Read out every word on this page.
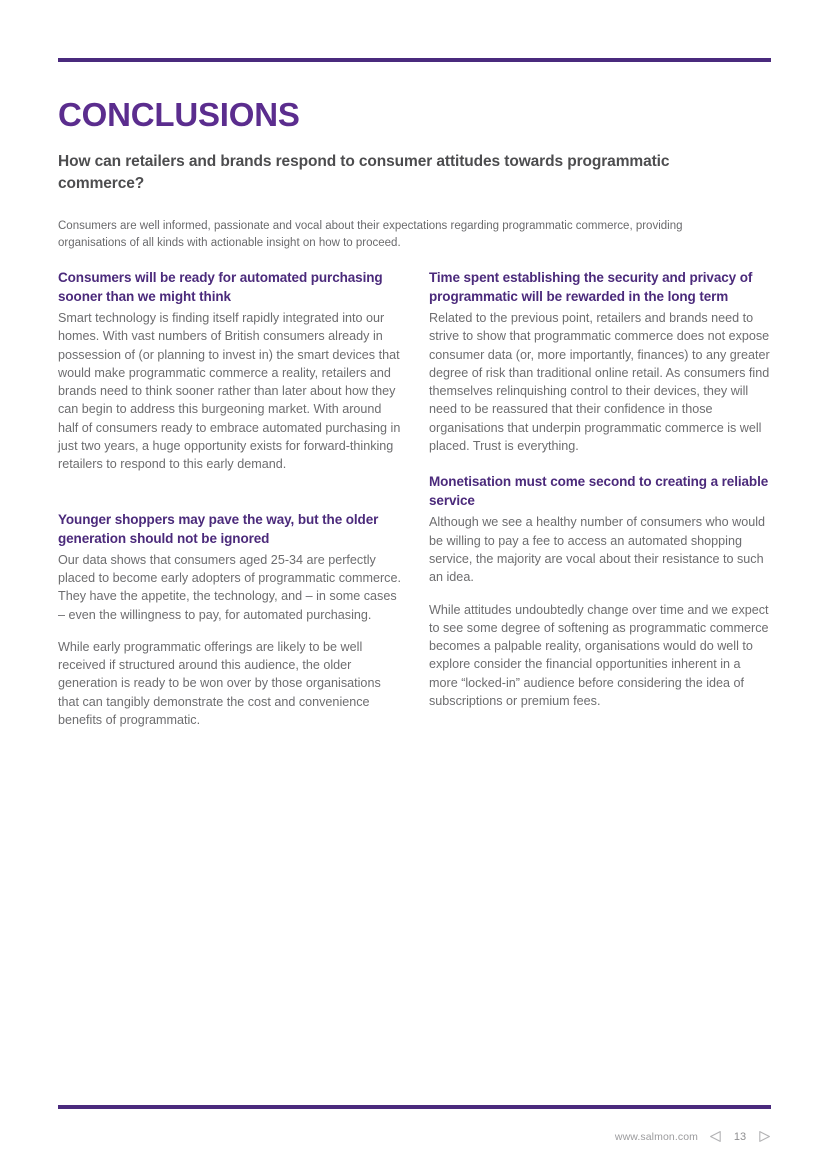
CONCLUSIONS
How can retailers and brands respond to consumer attitudes towards programmatic commerce?

Consumers are well informed, passionate and vocal about their expectations regarding programmatic commerce, providing organisations of all kinds with actionable insight on how to proceed.

Consumers will be ready for automated purchasing sooner than we might think

Smart technology is finding itself rapidly integrated into our homes. With vast numbers of British consumers already in possession of (or planning to invest in) the smart devices that would make programmatic commerce a reality, retailers and brands need to think sooner rather than later about how they can begin to address this burgeoning market. With around half of consumers ready to embrace automated purchasing in just two years, a huge opportunity exists for forward-thinking retailers to respond to this early demand.

Younger shoppers may pave the way, but the older generation should not be ignored

Our data shows that consumers aged 25-34 are perfectly placed to become early adopters of programmatic commerce. They have the appetite, the technology, and – in some cases – even the willingness to pay, for automated purchasing.

While early programmatic offerings are likely to be well received if structured around this audience, the older generation is ready to be won over by those organisations that can tangibly demonstrate the cost and convenience benefits of programmatic.

Time spent establishing the security and privacy of programmatic will be rewarded in the long term

Related to the previous point, retailers and brands need to strive to show that programmatic commerce does not expose consumer data (or, more importantly, finances) to any greater degree of risk than traditional online retail. As consumers find themselves relinquishing control to their devices, they will need to be reassured that their confidence in those organisations that underpin programmatic commerce is well placed. Trust is everything.

Monetisation must come second to creating a reliable service

Although we see a healthy number of consumers who would be willing to pay a fee to access an automated shopping service, the majority are vocal about their resistance to such an idea.

While attitudes undoubtedly change over time and we expect to see some degree of softening as programmatic commerce becomes a palpable reality, organisations would do well to explore consider the financial opportunities inherent in a more “locked-in” audience before considering the idea of subscriptions or premium fees.

www.salmon.com	13
